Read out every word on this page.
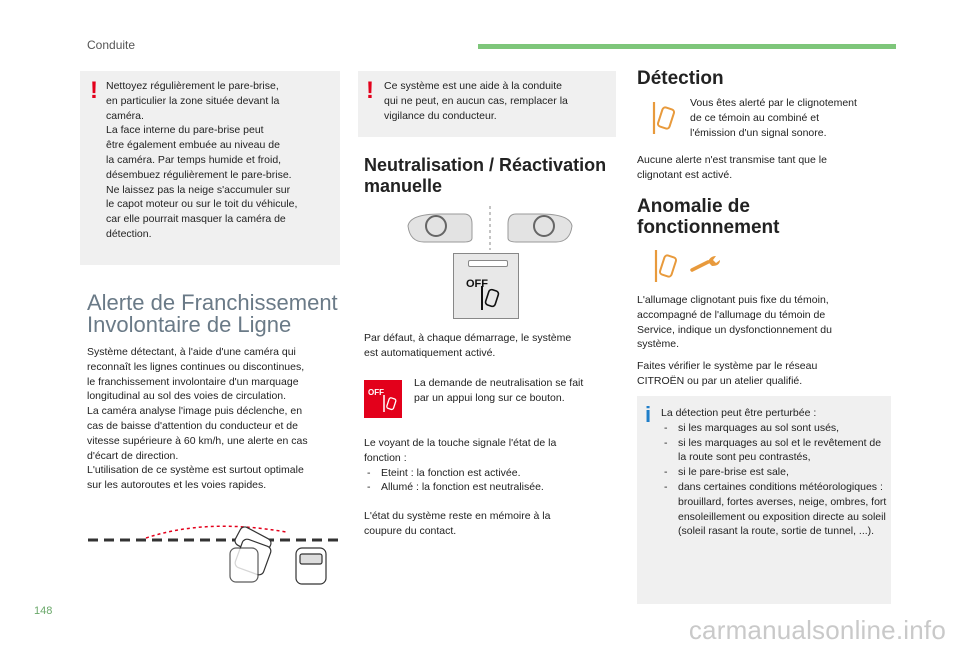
Conduite
! Nettoyez régulièrement le pare-brise,

en particulier la zone située devant la

caméra.

La face interne du pare-brise peut

être également embuée au niveau de

la caméra. Par temps humide et froid,

désembuez régulièrement le pare-brise.

Ne laissez pas la neige s'accumuler sur

le capot moteur ou sur le toit du véhicule,

car elle pourrait masquer la caméra de

détection.

Alerte de Franchissement
Involontaire de Ligne

Système détectant, à l'aide d'une caméra qui

reconnaît les lignes continues ou discontinues,

le franchissement involontaire d'un marquage

longitudinal au sol des voies de circulation.

La caméra analyse l'image puis déclenche, en

cas de baisse d'attention du conducteur et de

vitesse supérieure à 60 km/h, une alerte en cas

d'écart de direction.

L'utilisation de ce système est surtout optimale

sur les autoroutes et les voies rapides.

! Ce système est une aide à la conduite

qui ne peut, en aucun cas, remplacer la

vigilance du conducteur.

Neutralisation / Réactivation
manuelle
OFF

Par défaut, à chaque démarrage, le système

est automatiquement activé.

OFF

La demande de neutralisation se fait

par un appui long sur ce bouton.

Le voyant de la touche signale l'état de la

fonction :

- Eteint : la fonction est activée.
- Allumé : la fonction est neutralisée.

L'état du système reste en mémoire à la

coupure du contact.

Détection

Vous êtes alerté par le clignotement

de ce témoin au combiné et

l'émission d'un signal sonore.

Aucune alerte n'est transmise tant que le

clignotant est activé.

Anomalie de
fonctionnement

L'allumage clignotant puis fixe du témoin,

accompagné de l'allumage du témoin de

Service, indique un dysfonctionnement du

système.

Faites vérifier le système par le réseau

CITROËN ou par un atelier qualifié.

i La détection peut être perturbée :

- si les marquages au sol sont usés,
- si les marquages au sol et le revêtement de la route sont peu contrastés,
- si le pare-brise est sale,
- dans certaines conditions météorologiques : brouillard, fortes averses, neige, ombres, fort ensoleillement ou exposition directe au soleil (soleil rasant la route, sortie de tunnel, ...).
148
carmanualsonline.info
